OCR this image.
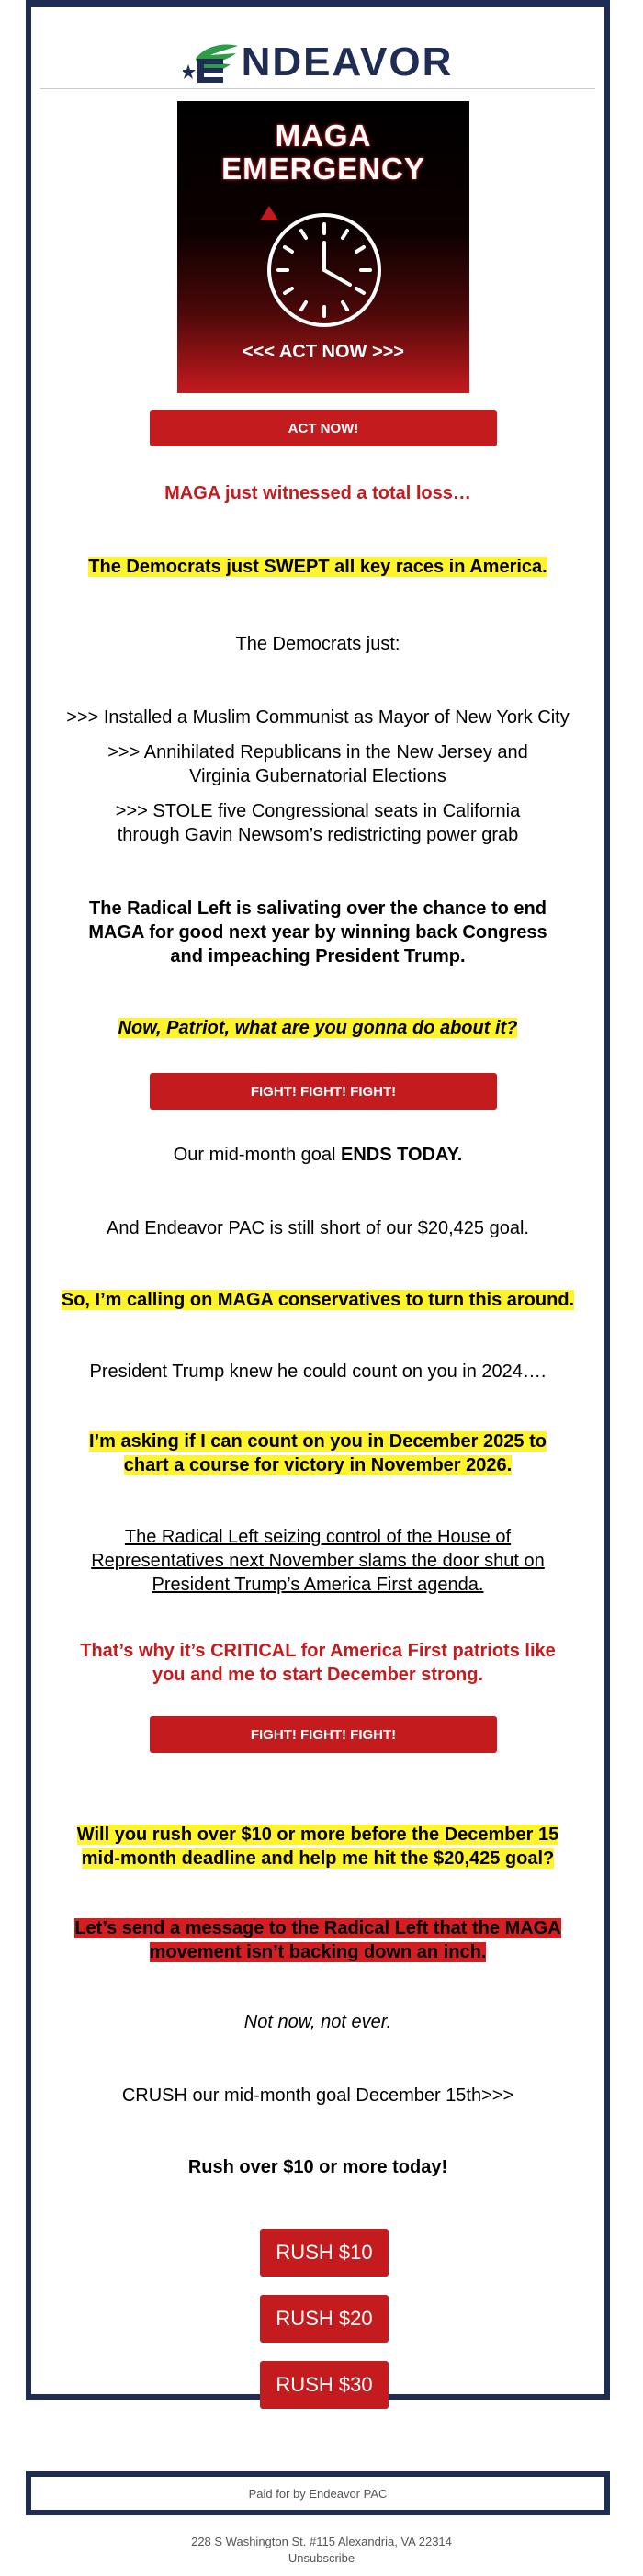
NDEAVOR
MAGA
EMERGENCY
<<< ACT NOW >>>
ACT NOW!
MAGA just witnessed a total loss…
The Democrats just SWEPT all key races in America.
The Democrats just:
>>> Installed a Muslim Communist as Mayor of New York City
>>> Annihilated Republicans in the New Jersey and Virginia Gubernatorial Elections
>>> STOLE five Congressional seats in California through Gavin Newsom’s redistricting power grab
The Radical Left is salivating over the chance to end MAGA for good next year by winning back Congress and impeaching President Trump.
Now, Patriot, what are you gonna do about it?
FIGHT! FIGHT! FIGHT!
Our mid-month goal ENDS TODAY.
And Endeavor PAC is still short of our $20,425 goal.
So, I’m calling on MAGA conservatives to turn this around.
President Trump knew he could count on you in 2024….
I’m asking if I can count on you in December 2025 to chart a course for victory in November 2026.
The Radical Left seizing control of the House of Representatives next November slams the door shut on President Trump’s America First agenda.
That’s why it’s CRITICAL for America First patriots like you and me to start December strong.
FIGHT! FIGHT! FIGHT!
Will you rush over $10 or more before the December 15 mid-month deadline and help me hit the $20,425 goal?
Let’s send a message to the Radical Left that the MAGA movement isn’t backing down an inch.
Not now, not ever.
CRUSH our mid-month goal December 15th>>>
Rush over $10 or more today!
RUSH $10
RUSH $20
RUSH $30
Paid for by Endeavor PAC
228 S Washington St. #115 Alexandria, VA 22314
Unsubscribe
